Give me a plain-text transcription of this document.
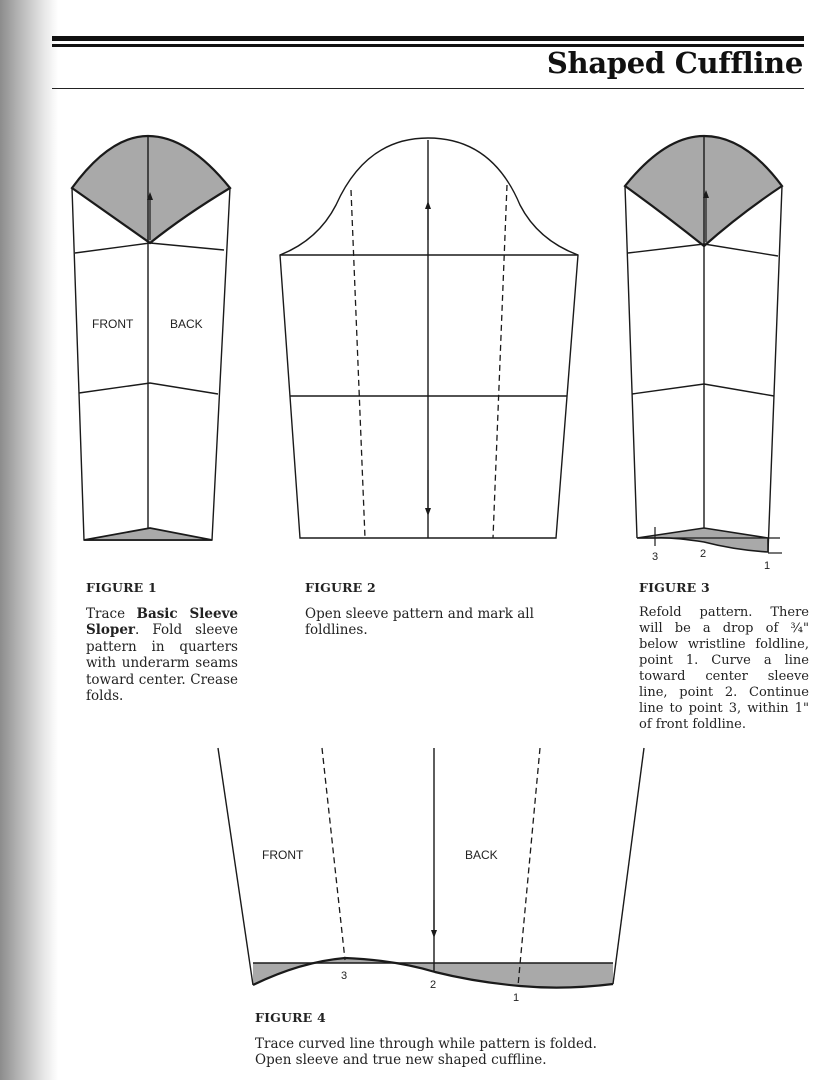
Shaped Cuffline
FRONT	BACK
3	2
1
FRONT	BACK
3
2
1
FIGURE 1

Trace Basic Sleeve Sloper. Fold sleeve pattern in quarters with underarm seams toward center. Crease folds.

FIGURE 2

Open sleeve pattern and mark all foldlines.

FIGURE 3

Refold pattern. There will be a drop of ¾" below wristline foldline, point 1. Curve a line toward center sleeve line, point 2. Continue line to point 3, within 1" of front foldline.

FIGURE 4

Trace curved line through while pattern is folded. Open sleeve and true new shaped cuffline.
